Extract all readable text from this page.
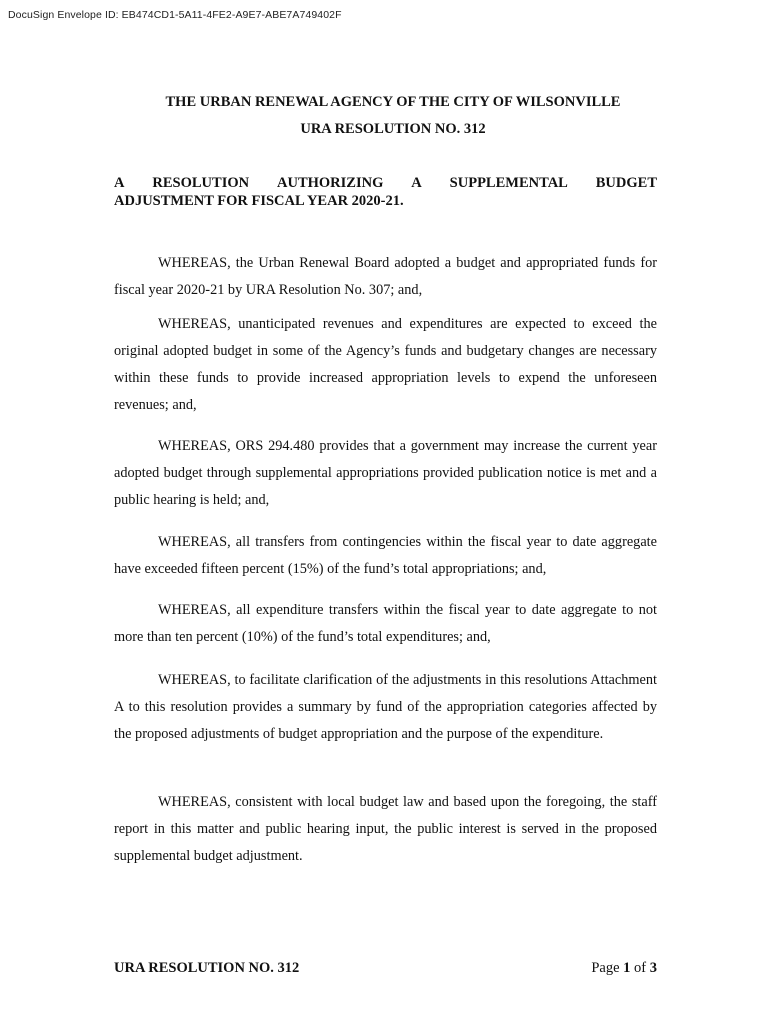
DocuSign Envelope ID: EB474CD1-5A11-4FE2-A9E7-ABE7A749402F
THE URBAN RENEWAL AGENCY OF THE CITY OF WILSONVILLE
URA RESOLUTION NO. 312
A RESOLUTION AUTHORIZING A SUPPLEMENTAL BUDGET
ADJUSTMENT FOR FISCAL YEAR 2020-21.

WHEREAS, the Urban Renewal Board adopted a budget and appropriated funds for fiscal year 2020-21 by URA Resolution No. 307; and,

WHEREAS, unanticipated revenues and expenditures are expected to exceed the original adopted budget in some of the Agency’s funds and budgetary changes are necessary within these funds to provide increased appropriation levels to expend the unforeseen revenues; and,

WHEREAS, ORS 294.480 provides that a government may increase the current year adopted budget through supplemental appropriations provided publication notice is met and a public hearing is held; and,

WHEREAS, all transfers from contingencies within the fiscal year to date aggregate have exceeded fifteen percent (15%) of the fund’s total appropriations; and,

WHEREAS, all expenditure transfers within the fiscal year to date aggregate to not more than ten percent (10%) of the fund’s total expenditures; and,

WHEREAS, to facilitate clarification of the adjustments in this resolutions Attachment A to this resolution provides a summary by fund of the appropriation categories affected by the proposed adjustments of budget appropriation and the purpose of the expenditure.

WHEREAS, consistent with local budget law and based upon the foregoing, the staff report in this matter and public hearing input, the public interest is served in the proposed supplemental budget adjustment.

URA RESOLUTION NO. 312	Page 1 of 3
